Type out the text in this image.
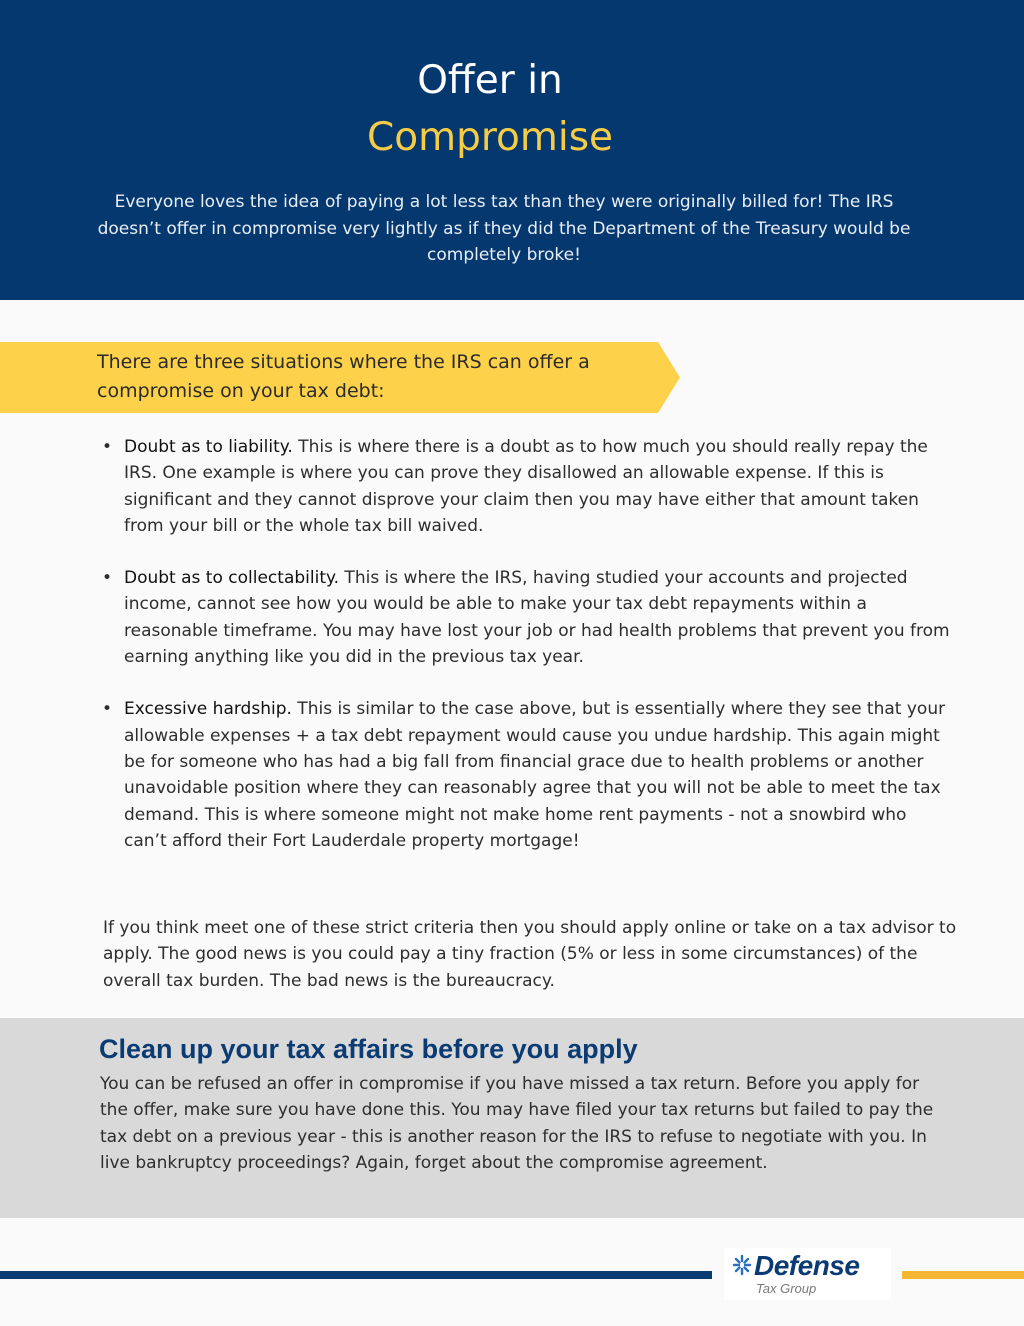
Offer in
Compromise
Everyone loves the idea of paying a lot less tax than they were originally billed for! The IRS doesn’t offer in compromise very lightly as if they did the Department of the Treasury would be completely broke!
There are three situations where the IRS can offer a compromise on your tax debt:
• Doubt as to liability. This is where there is a doubt as to how much you should really repay the IRS. One example is where you can prove they disallowed an allowable expense. If this is significant and they cannot disprove your claim then you may have either that amount taken from your bill or the whole tax bill waived.
• Doubt as to collectability. This is where the IRS, having studied your accounts and projected income, cannot see how you would be able to make your tax debt repayments within a reasonable timeframe. You may have lost your job or had health problems that prevent you from earning anything like you did in the previous tax year.
• Excessive hardship. This is similar to the case above, but is essentially where they see that your allowable expenses + a tax debt repayment would cause you undue hardship. This again might be for someone who has had a big fall from financial grace due to health problems or another unavoidable position where they can reasonably agree that you will not be able to meet the tax demand. This is where someone might not make home rent payments - not a snowbird who can’t afford their Fort Lauderdale property mortgage!
If you think meet one of these strict criteria then you should apply online or take on a tax advisor to apply. The good news is you could pay a tiny fraction (5% or less in some circumstances) of the overall tax burden. The bad news is the bureaucracy.
Clean up your tax affairs before you apply
You can be refused an offer in compromise if you have missed a tax return. Before you apply for the offer, make sure you have done this. You may have filed your tax returns but failed to pay the tax debt on a previous year - this is another reason for the IRS to refuse to negotiate with you. In live bankruptcy proceedings? Again, forget about the compromise agreement.
Defense
Tax Group
